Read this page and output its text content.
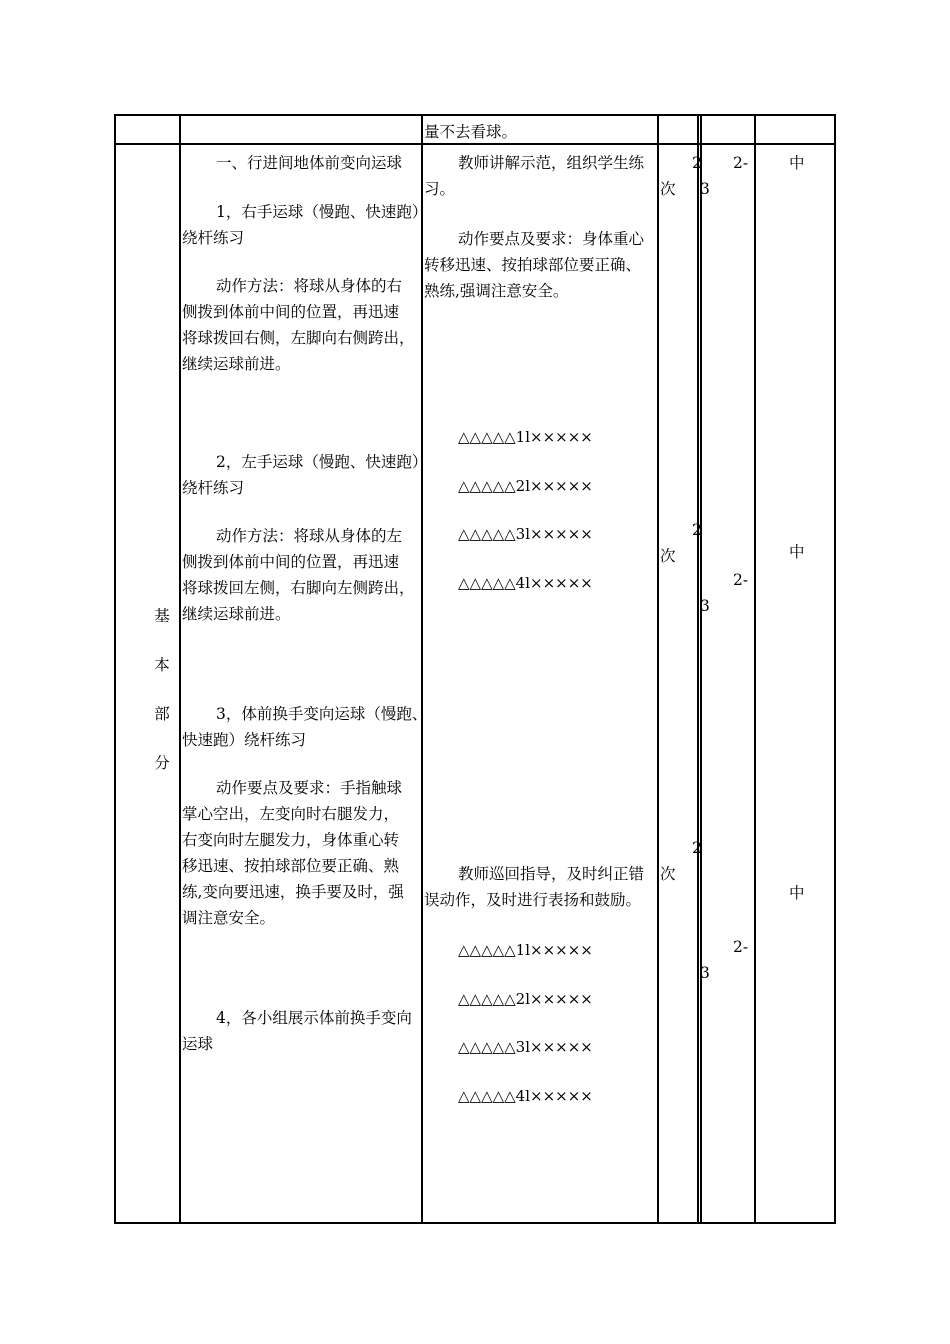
量不去看球。
基
本
部
分
一、行进间地体前变向运球
1，右手运球（慢跑、快速跑）
绕杆练习
动作方法：将球从身体的右
侧拨到体前中间的位置，再迅速
将球拨回右侧，左脚向右侧跨出，
继续运球前进。
2，左手运球（慢跑、快速跑）
绕杆练习
动作方法：将球从身体的左
侧拨到体前中间的位置，再迅速
将球拨回左侧，右脚向左侧跨出，
继续运球前进。
3，体前换手变向运球（慢跑、
快速跑）绕杆练习
动作要点及要求：手指触球
掌心空出，左变向时右腿发力，
右变向时左腿发力，身体重心转
移迅速、按拍球部位要正确、熟
练,变向要迅速，换手要及时，强
调注意安全。
4，各小组展示体前换手变向
运球
教师讲解示范，组织学生练
习。
动作要点及要求：身体重心
转移迅速、按拍球部位要正确、
熟练,强调注意安全。
△△△△△1l×××××
△△△△△2l×××××
△△△△△3l×××××
△△△△△4l×××××
教师巡回指导，及时纠正错
误动作，及时进行表扬和鼓励。
△△△△△1l×××××
△△△△△2l×××××
△△△△△3l×××××
△△△△△4l×××××
次
2
3
次
2
3
次
2
3
2-
2-
2-
中
中
中
